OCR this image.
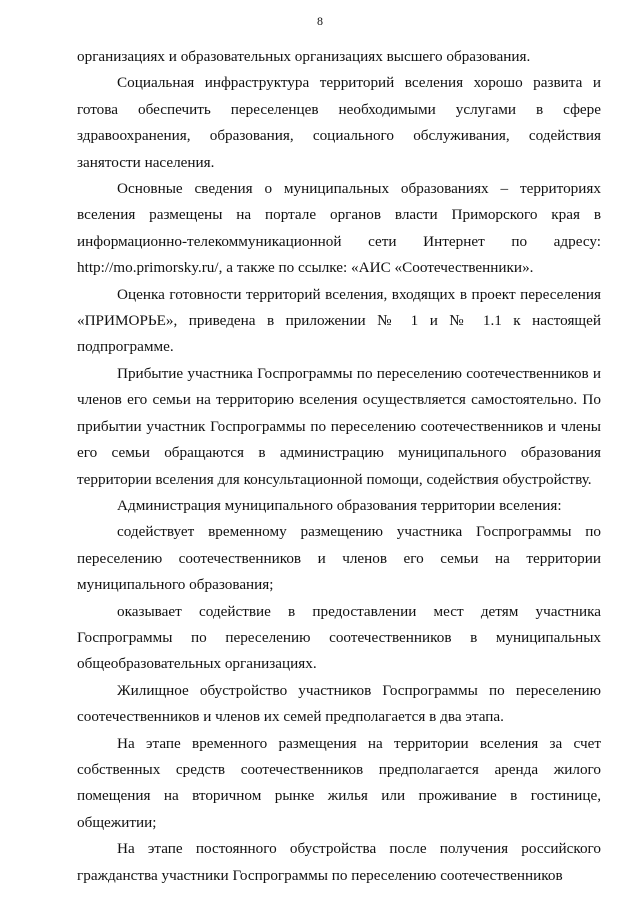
8

организациях и образовательных организациях высшего образования.

Социальная инфраструктура территорий вселения хорошо развита и готова обеспечить переселенцев необходимыми услугами в сфере здравоохранения, образования, социального обслуживания, содействия занятости населения.

Основные сведения о муниципальных образованиях – территориях вселения размещены на портале органов власти Приморского края в информационно-телекоммуникационной сети Интернет по адресу: http://mo.primorsky.ru/, а также по ссылке: «АИС «Соотечественники».

Оценка готовности территорий вселения, входящих в проект переселения «ПРИМОРЬЕ», приведена в приложении № 1 и № 1.1 к настоящей подпрограмме.

Прибытие участника Госпрограммы по переселению соотечественников и членов его семьи на территорию вселения осуществляется самостоятельно. По прибытии участник Госпрограммы по переселению соотечественников и члены его семьи обращаются в администрацию муниципального образования территории вселения для консультационной помощи, содействия обустройству.

Администрация муниципального образования территории вселения:

содействует временному размещению участника Госпрограммы по переселению соотечественников и членов его семьи на территории муниципального образования;

оказывает содействие в предоставлении мест детям участника Госпрограммы по переселению соотечественников в муниципальных общеобразовательных организациях.

Жилищное обустройство участников Госпрограммы по переселению соотечественников и членов их семей предполагается в два этапа.

На этапе временного размещения на территории вселения за счет собственных средств соотечественников предполагается аренда жилого помещения на вторичном рынке жилья или проживание в гостинице, общежитии;

На этапе постоянного обустройства после получения российского гражданства участники Госпрограммы по переселению соотечественников
